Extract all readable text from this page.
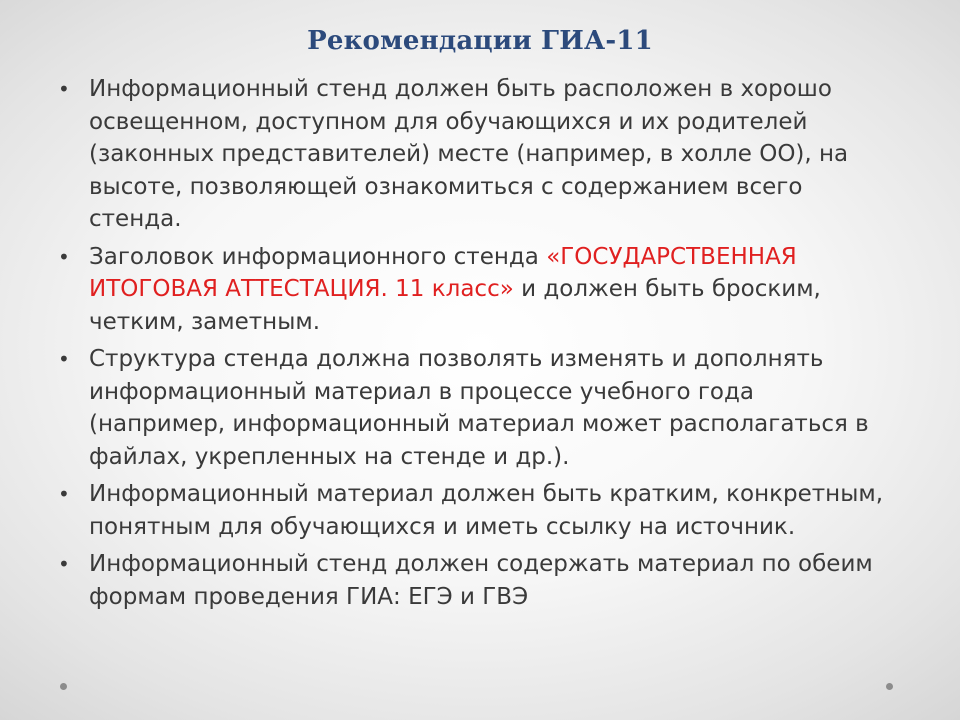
Рекомендации ГИА-11
• Информационный стенд должен быть расположен в хорошо освещенном, доступном для обучающихся и их родителей (законных представителей) месте (например, в холле ОО), на высоте, позволяющей ознакомиться с содержанием всего стенда.
• Заголовок информационного стенда «ГОСУДАРСТВЕННАЯ ИТОГОВАЯ АТТЕСТАЦИЯ. 11 класс» и должен быть броским, четким, заметным.
• Структура стенда должна позволять изменять и дополнять информационный материал в процессе учебного года (например, информационный материал может располагаться в файлах, укрепленных на стенде и др.).
• Информационный материал должен быть кратким, конкретным, понятным для обучающихся и иметь ссылку на источник.
• Информационный стенд должен содержать материал по обеим формам проведения ГИА: ЕГЭ и ГВЭ
